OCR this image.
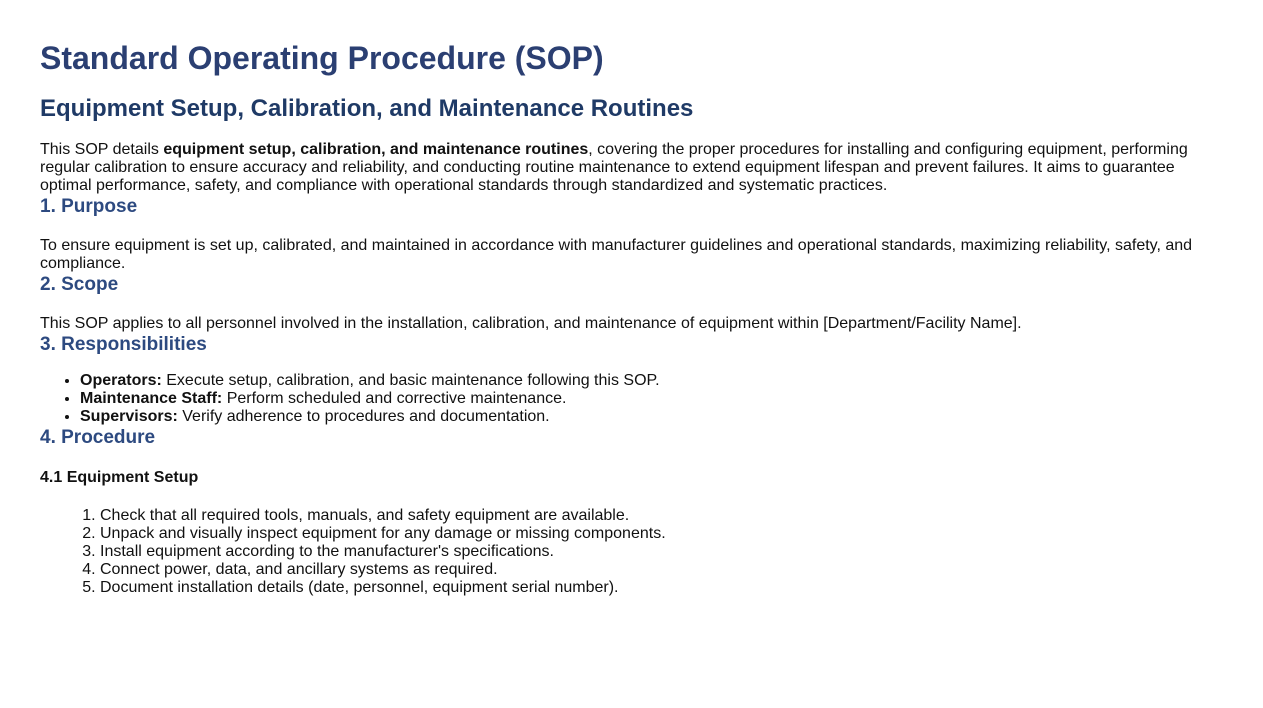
Standard Operating Procedure (SOP)
Equipment Setup, Calibration, and Maintenance Routines

This SOP details equipment setup, calibration, and maintenance routines, covering the proper procedures for installing and configuring equipment, performing regular calibration to ensure accuracy and reliability, and conducting routine maintenance to extend equipment lifespan and prevent failures. It aims to guarantee optimal performance, safety, and compliance with operational standards through standardized and systematic practices.

1. Purpose

To ensure equipment is set up, calibrated, and maintained in accordance with manufacturer guidelines and operational standards, maximizing reliability, safety, and compliance.

2. Scope

This SOP applies to all personnel involved in the installation, calibration, and maintenance of equipment within [Department/Facility Name].

3. Responsibilities
• Operators: Execute setup, calibration, and basic maintenance following this SOP.
• Maintenance Staff: Perform scheduled and corrective maintenance.
• Supervisors: Verify adherence to procedures and documentation.
4. Procedure
4.1 Equipment Setup
1. Check that all required tools, manuals, and safety equipment are available.
2. Unpack and visually inspect equipment for any damage or missing components.
3. Install equipment according to the manufacturer's specifications.
4. Connect power, data, and ancillary systems as required.
5. Document installation details (date, personnel, equipment serial number).
